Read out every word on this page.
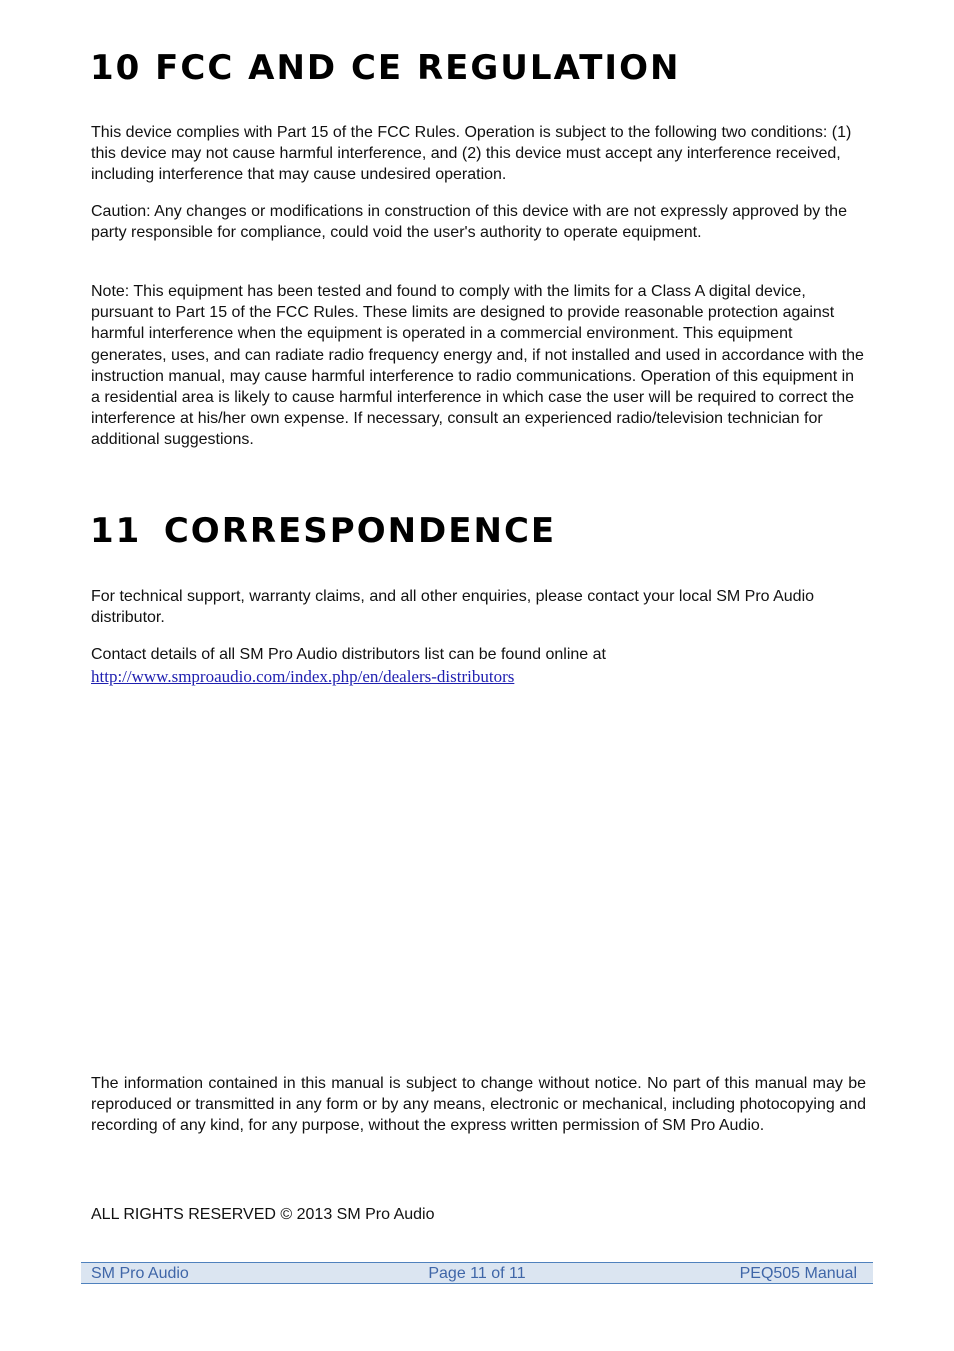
10 FCC AND CE REGULATION

This device complies with Part 15 of the FCC Rules. Operation is subject to the following two conditions: (1) this device may not cause harmful interference, and (2) this device must accept any interference received, including interference that may cause undesired operation.

Caution: Any changes or modifications in construction of this device with are not expressly approved by the party responsible for compliance, could void the user's authority to operate equipment.

Note: This equipment has been tested and found to comply with the limits for a Class A digital device, pursuant to Part 15 of the FCC Rules. These limits are designed to provide reasonable protection against harmful interference when the equipment is operated in a commercial environment. This equipment generates, uses, and can radiate radio frequency energy and, if not installed and used in accordance with the instruction manual, may cause harmful interference to radio communications. Operation of this equipment in a residential area is likely to cause harmful interference in which case the user will be required to correct the interference at his/her own expense. If necessary, consult an experienced radio/television technician for additional suggestions.

11 CORRESPONDENCE

For technical support, warranty claims, and all other enquiries, please contact your local SM Pro Audio distributor.

Contact details of all SM Pro Audio distributors list can be found online at
http://www.smproaudio.com/index.php/en/dealers-distributors

The information contained in this manual is subject to change without notice. No part of this manual may be reproduced or transmitted in any form or by any means, electronic or mechanical, including photocopying and recording of any kind, for any purpose, without the express written permission of SM Pro Audio.

ALL RIGHTS RESERVED © 2013 SM Pro Audio

SM Pro Audio	Page 11 of 11	PEQ505 Manual
